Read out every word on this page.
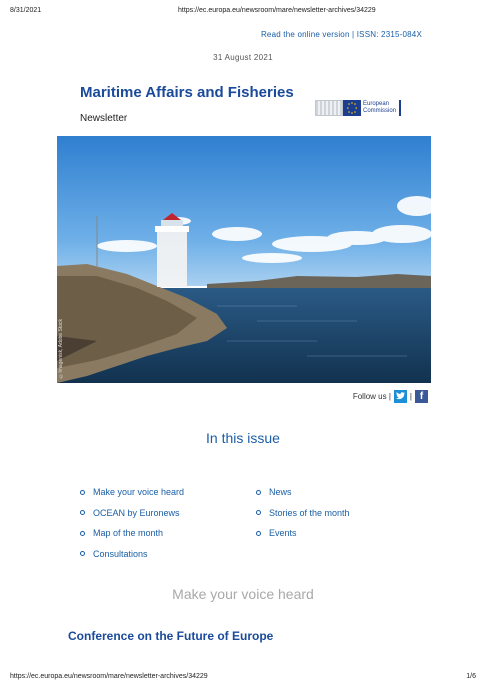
8/31/2021	https://ec.europa.eu/newsroom/mare/newsletter-archives/34229
Read the online version | ISSN: 2315-084X
31 August 2021
Maritime Affairs and Fisheries
Newsletter
European
Commission
©Imagenisk, Adobe Stock
Follow us | | f
In this issue
Make your voice heard
OCEAN by Euronews
Map of the month
Consultations
News
Stories of the month
Events
Make your voice heard
Conference on the Future of Europe
https://ec.europa.eu/newsroom/mare/newsletter-archives/34229	1/6
